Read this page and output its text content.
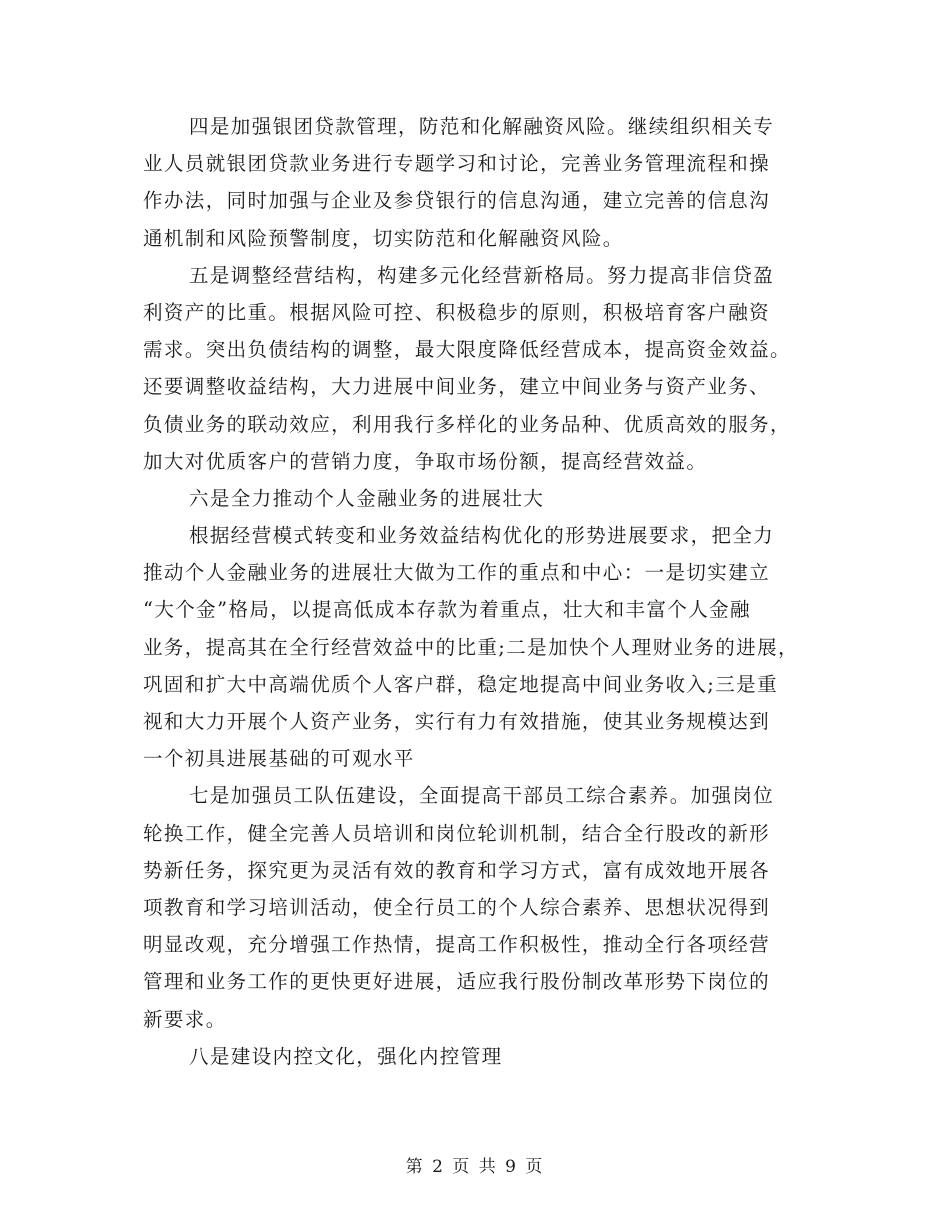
四是加强银团贷款管理，防范和化解融资风险。继续组织相关专
业人员就银团贷款业务进行专题学习和讨论，完善业务管理流程和操
作办法，同时加强与企业及参贷银行的信息沟通，建立完善的信息沟
通机制和风险预警制度，切实防范和化解融资风险。
五是调整经营结构，构建多元化经营新格局。努力提高非信贷盈
利资产的比重。根据风险可控、积极稳步的原则，积极培育客户融资
需求。突出负债结构的调整，最大限度降低经营成本，提高资金效益。
还要调整收益结构，大力进展中间业务，建立中间业务与资产业务、
负债业务的联动效应，利用我行多样化的业务品种、优质高效的服务，
加大对优质客户的营销力度，争取市场份额，提高经营效益。
六是全力推动个人金融业务的进展壮大
根据经营模式转变和业务效益结构优化的形势进展要求，把全力
推动个人金融业务的进展壮大做为工作的重点和中心：一是切实建立
“大个金”格局，以提高低成本存款为着重点，壮大和丰富个人金融
业务，提高其在全行经营效益中的比重;二是加快个人理财业务的进展，
巩固和扩大中高端优质个人客户群，稳定地提高中间业务收入;三是重
视和大力开展个人资产业务，实行有力有效措施，使其业务规模达到
一个初具进展基础的可观水平
七是加强员工队伍建设，全面提高干部员工综合素养。加强岗位
轮换工作，健全完善人员培训和岗位轮训机制，结合全行股改的新形
势新任务，探究更为灵活有效的教育和学习方式，富有成效地开展各
项教育和学习培训活动，使全行员工的个人综合素养、思想状况得到
明显改观，充分增强工作热情，提高工作积极性，推动全行各项经营
管理和业务工作的更快更好进展，适应我行股份制改革形势下岗位的
新要求。
八是建设内控文化，强化内控管理
第 2 页 共 9 页
